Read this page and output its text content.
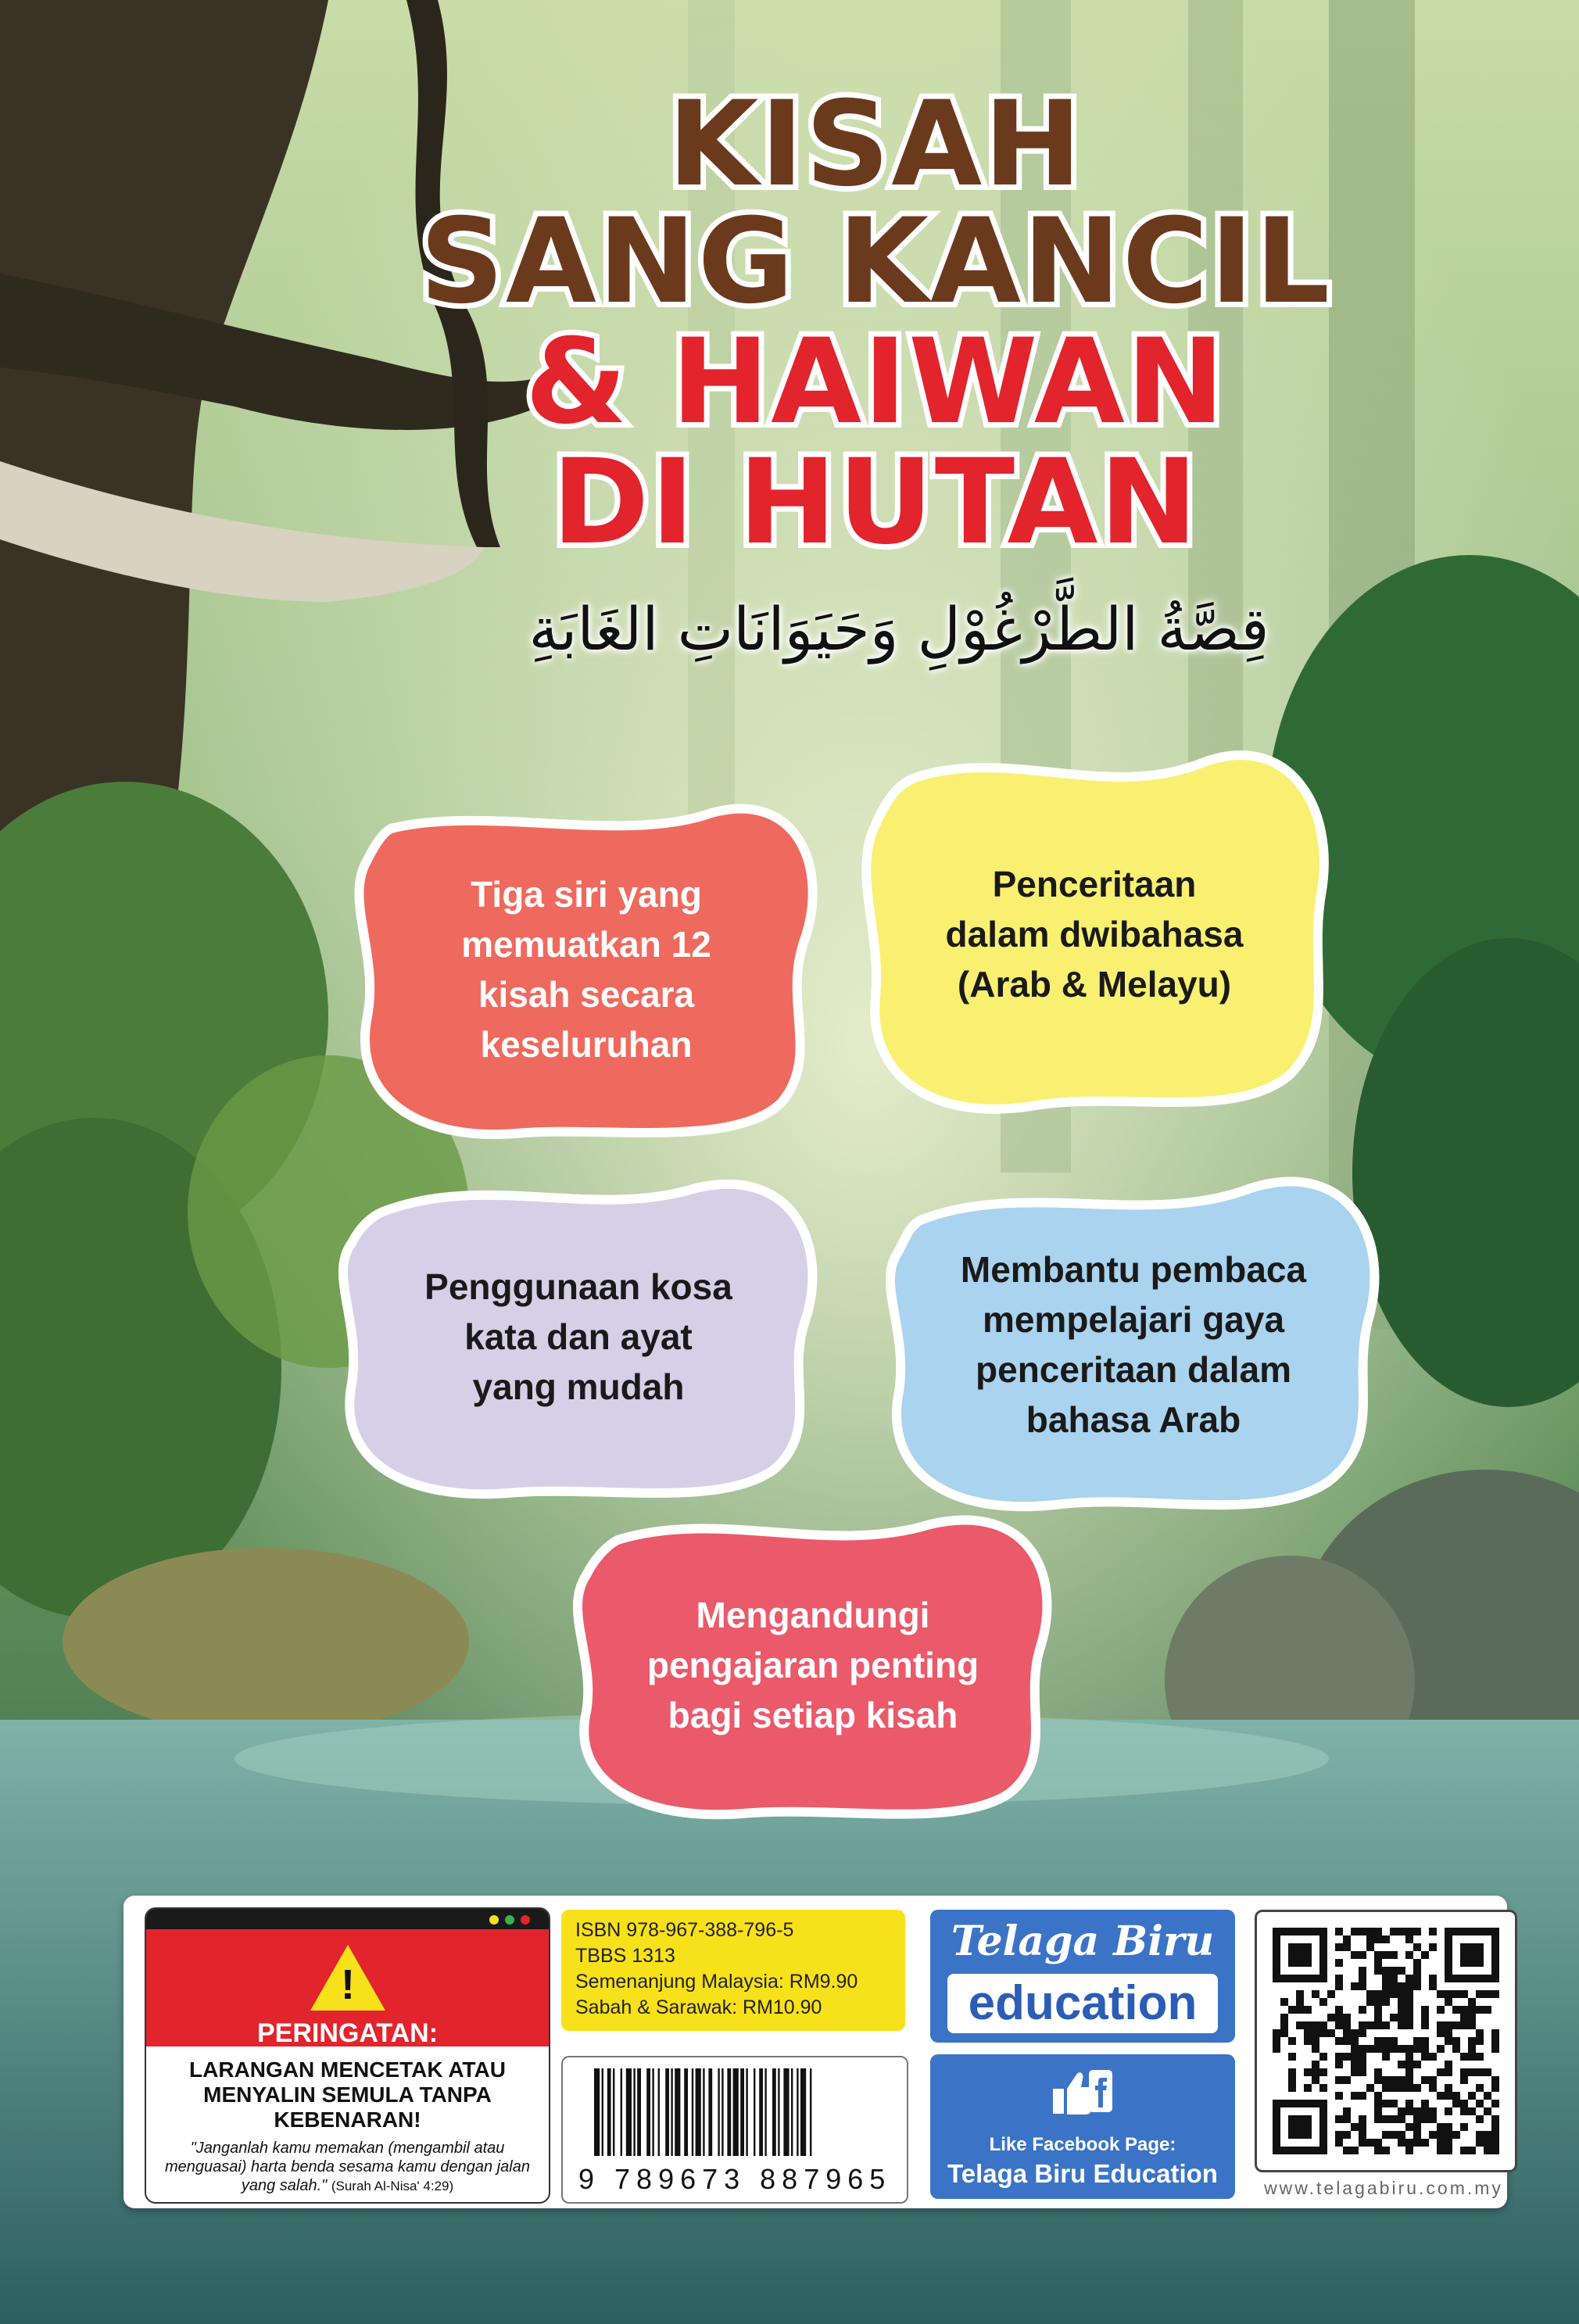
KISAH
SANG KANCIL
& HAIWAN
DI HUTAN
قِصَّةُ الطَّرْغُوْلِ وَحَيَوَانَاتِ الغَابَةِ
Tiga siri yang
memuatkan 12
kisah secara
keseluruhan
Penceritaan
dalam dwibahasa
(Arab & Melayu)
Penggunaan kosa
kata dan ayat
yang mudah
Membantu pembaca
mempelajari gaya
penceritaan dalam
bahasa Arab
Mengandungi
pengajaran penting
bagi setiap kisah
!
PERINGATAN:
LARANGAN MENCETAK ATAU
MENYALIN SEMULA TANPA
KEBENARAN!
"Janganlah kamu memakan (mengambil atau menguasai) harta benda sesama kamu dengan jalan yang salah." (Surah Al-Nisa' 4:29)
ISBN 978-967-388-796-5
TBBS 1313
Semenanjung Malaysia: RM9.90
Sabah & Sarawak: RM10.90
9 789673 887965
Telaga Biru
education
Like Facebook Page:
Telaga Biru Education	www.telagabiru.com.my
